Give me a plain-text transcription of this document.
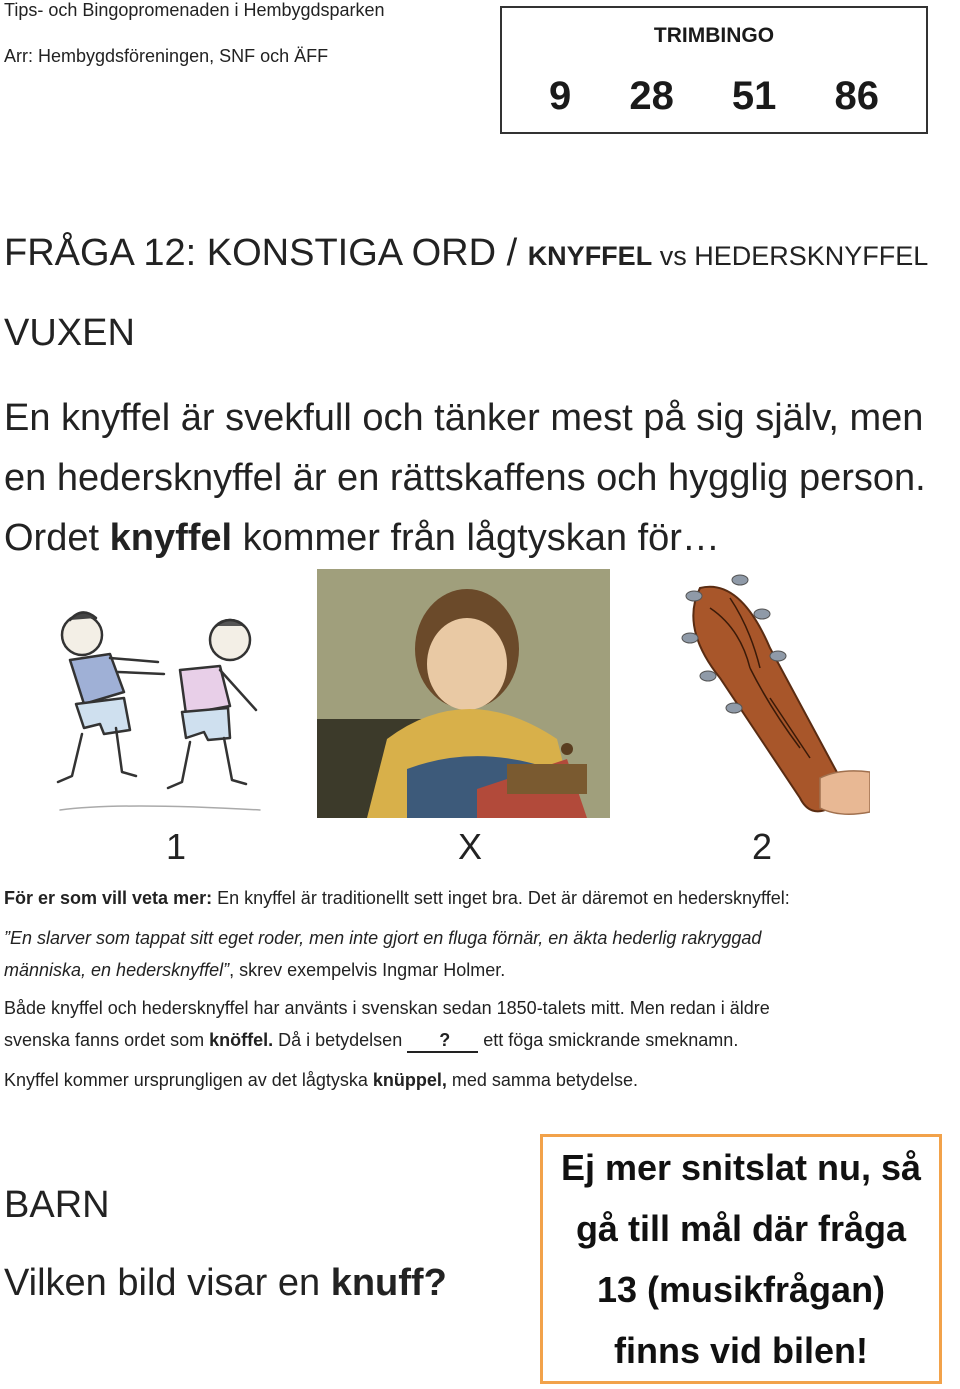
Tips- och Bingopromenaden i Hembygdsparken
Arr: Hembygdsföreningen, SNF och ÄFF
TRIMBINGO
9 28 51 86
FRÅGA 12: KONSTIGA ORD / KNYFFEL vs HEDERSKNYFFEL
VUXEN
En knyffel är svekfull och tänker mest på sig själv, men
en hedersknyffel är en rättskaffens och hygglig person.
Ordet knyffel kommer från lågtyskan för…
1	X	2
För er som vill veta mer: En knyffel är traditionellt sett inget bra. Det är däremot en hedersknyffel:
”En slarver som tappat sitt eget roder, men inte gjort en fluga förnär, en äkta hederlig rakryggad
människa, en hedersknyffel”, skrev exempelvis Ingmar Holmer.
Både knyffel och hedersknyffel har använts i svenskan sedan 1850-talets mitt. Men redan i äldre
svenska fanns ordet som knöffel. Då i betydelsen ? ett föga smickrande smeknamn.
Knyffel kommer ursprungligen av det lågtyska knüppel, med samma betydelse.
BARN
Vilken bild visar en knuff?
Ej mer snitslat nu, så
gå till mål där fråga
13 (musikfrågan)
finns vid bilen!
